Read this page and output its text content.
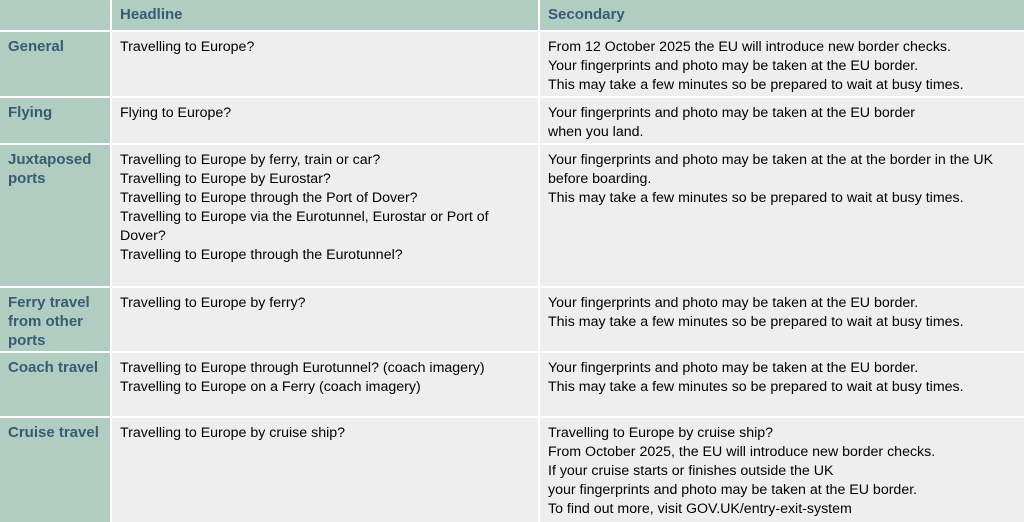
	Headline	Secondary
General	Travelling to Europe?	From 12 October 2025 the EU will introduce new border checks.
Your fingerprints and photo may be taken at the EU border.
This may take a few minutes so be prepared to wait at busy times.

Flying	Flying to Europe?	Your fingerprints and photo may be taken at the EU border
when you land.

Juxtaposed ports	Travelling to Europe by ferry, train or car?
Travelling to Europe by Eurostar?
Travelling to Europe through the Port of Dover?
Travelling to Europe via the Eurotunnel, Eurostar or Port of Dover?
Travelling to Europe through the Eurotunnel?	Your fingerprints and photo may be taken at the at the border in the UK before boarding.
This may take a few minutes so be prepared to wait at busy times.

Ferry travel from other ports	Travelling to Europe by ferry?	Your fingerprints and photo may be taken at the EU border.
This may take a few minutes so be prepared to wait at busy times.

Coach travel	Travelling to Europe through Eurotunnel? (coach imagery)
Travelling to Europe on a Ferry (coach imagery)	Your fingerprints and photo may be taken at the EU border.
This may take a few minutes so be prepared to wait at busy times.

Cruise travel	Travelling to Europe by cruise ship?	Travelling to Europe by cruise ship?
From October 2025, the EU will introduce new border checks.
If your cruise starts or finishes outside the UK
your fingerprints and photo may be taken at the EU border.
To find out more, visit GOV.UK/entry-exit-system
